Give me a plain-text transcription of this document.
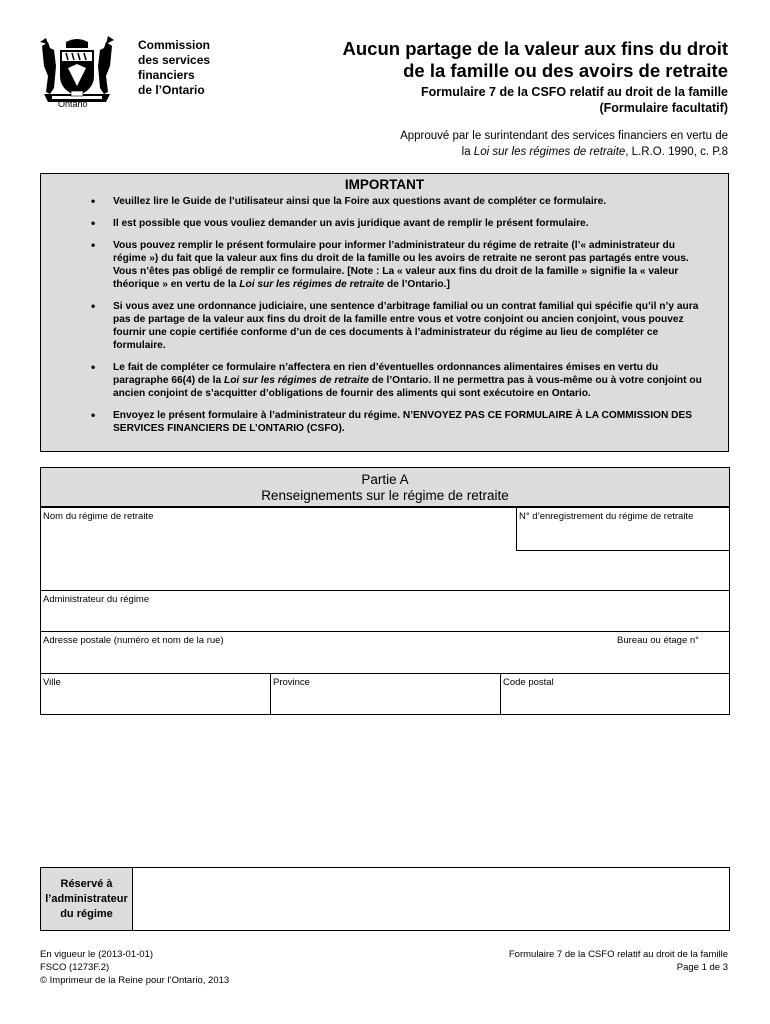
Ontario
Commission
des services
financiers
de l’Ontario
Aucun partage de la valeur aux fins du droit
de la famille ou des avoirs de retraite
Formulaire 7 de la CSFO relatif au droit de la famille
(Formulaire facultatif)
Approuvé par le surintendant des services financiers en vertu de
la Loi sur les régimes de retraite, L.R.O. 1990, c. P.8
IMPORTANT
• Veuillez lire le Guide de l’utilisateur ainsi que la Foire aux questions avant de compléter ce formulaire.
• Il est possible que vous vouliez demander un avis juridique avant de remplir le présent formulaire.
• Vous pouvez remplir le présent formulaire pour informer l’administrateur du régime de retraite (l’« administrateur du régime ») du fait que la valeur aux fins du droit de la famille ou les avoirs de retraite ne seront pas partagés entre vous. Vous n’êtes pas obligé de remplir ce formulaire. [Note : La « valeur aux fins du droit de la famille » signifie la « valeur théorique » en vertu de la Loi sur les régimes de retraite de l’Ontario.]
• Si vous avez une ordonnance judiciaire, une sentence d’arbitrage familial ou un contrat familial qui spécifie qu’il n’y aura pas de partage de la valeur aux fins du droit de la famille entre vous et votre conjoint ou ancien conjoint, vous pouvez fournir une copie certifiée conforme d’un de ces documents à l’administrateur du régime au lieu de compléter ce formulaire.
• Le fait de compléter ce formulaire n’affectera en rien d’éventuelles ordonnances alimentaires émises en vertu du paragraphe 66(4) de la Loi sur les régimes de retraite de l’Ontario. Il ne permettra pas à vous-même ou à votre conjoint ou ancien conjoint de s’acquitter d’obligations de fournir des aliments qui sont exécutoire en Ontario.
• Envoyez le présent formulaire à l’administrateur du régime. N’ENVOYEZ PAS CE FORMULAIRE À LA COMMISSION DES SERVICES FINANCIERS DE L’ONTARIO (CSFO).
Partie A
Renseignements sur le régime de retraite
Nom du régime de retraite	N° d’enregistrement du régime de retraite
Administrateur du régime
Adresse postale (numéro et nom de la rue)	Bureau ou étage n°
Ville	Province	Code postal
Réservé à
l’administrateur
du régime
En vigueur le (2013-01-01)
FSCO (1273F.2)
© Imprimeur de la Reine pour l’Ontario, 2013
Formulaire 7 de la CSFO relatif au droit de la famille
Page 1 de 3
